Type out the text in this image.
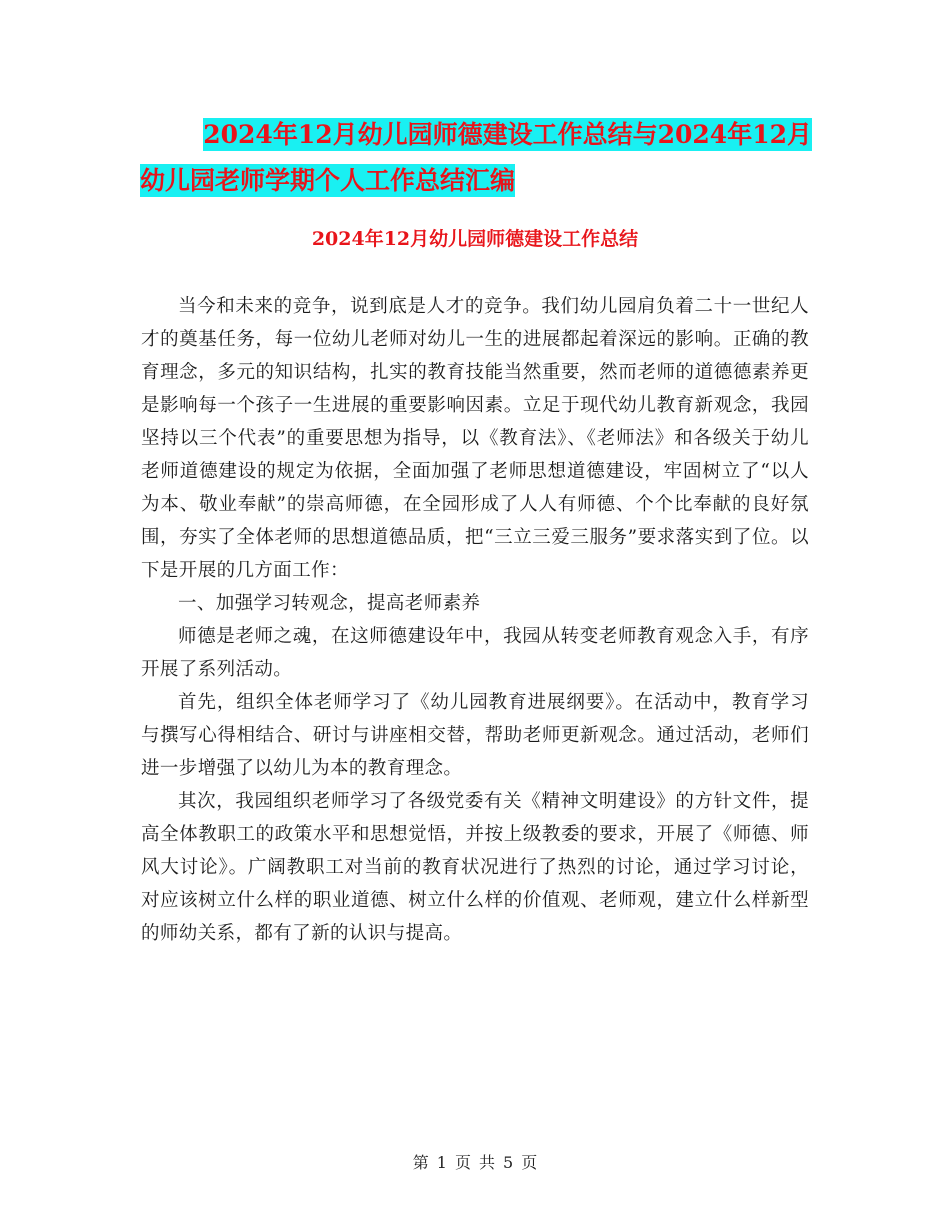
2024年12月幼儿园师德建设工作总结与2024年12月
幼儿园老师学期个人工作总结汇编
2024年12月幼儿园师德建设工作总结

当今和未来的竞争，说到底是人才的竞争。我们幼儿园肩负着二十一世纪人才的奠基任务，每一位幼儿老师对幼儿一生的进展都起着深远的影响。正确的教育理念，多元的知识结构，扎实的教育技能当然重要，然而老师的道德德素养更是影响每一个孩子一生进展的重要影响因素。立足于现代幼儿教育新观念，我园坚持以三个代表”的重要思想为指导，以《教育法》、《老师法》和各级关于幼儿老师道德建设的规定为依据，全面加强了老师思想道德建设，牢固树立了“以人为本、敬业奉献”的崇高师德，在全园形成了人人有师德、个个比奉献的良好氛围，夯实了全体老师的思想道德品质，把“三立三爱三服务”要求落实到了位。以下是开展的几方面工作：

一、加强学习转观念，提高老师素养

师德是老师之魂，在这师德建设年中，我园从转变老师教育观念入手，有序开展了系列活动。

首先，组织全体老师学习了《幼儿园教育进展纲要》。在活动中，教育学习与撰写心得相结合、研讨与讲座相交替，帮助老师更新观念。通过活动，老师们进一步增强了以幼儿为本的教育理念。

其次，我园组织老师学习了各级党委有关《精神文明建设》的方针文件，提高全体教职工的政策水平和思想觉悟，并按上级教委的要求，开展了《师德、师风大讨论》。广阔教职工对当前的教育状况进行了热烈的讨论，通过学习讨论，对应该树立什么样的职业道德、树立什么样的价值观、老师观，建立什么样新型的师幼关系，都有了新的认识与提高。

第 1 页 共 5 页
